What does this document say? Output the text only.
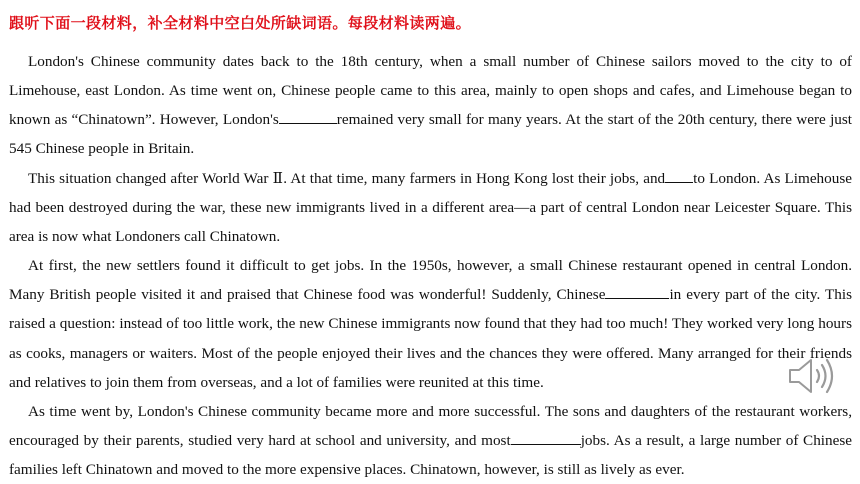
跟听下面一段材料，补全材料中空白处所缺词语。每段材料读两遍。

London's Chinese community dates back to the 18th century, when a small number of Chinese sailors moved to the city to of Limehouse, east London. As time went on, Chinese people came to this area, mainly to open shops and cafes, and Limehouse began to known as “Chinatown”. However, London's	remained very small for many years. At the start of the 20th century, there were just 545 Chinese people in Britain.

This situation changed after World War Ⅱ. At that time, many farmers in Hong Kong lost their jobs, and to London. As Limehouse had been destroyed during the war, these new immigrants lived in a different area—a part of central London near Leicester Square. This area is now what Londoners call Chinatown.

At first, the new settlers found it difficult to get jobs. In the 1950s, however, a small Chinese restaurant opened in central London. Many British people visited it and praised that Chinese food was wonderful! Suddenly, Chinese	in every part of the city. This raised a question: instead of too little work, the new Chinese immigrants now found that they had too much! They worked very long hours as cooks, managers or waiters. Most of the people enjoyed their lives and the chances they were offered. Many arranged for their friends and relatives to join them from overseas, and a lot of families were reunited at this time.

As time went by, London's Chinese community became more and more successful. The sons and daughters of the restaurant workers, encouraged by their parents, studied very hard at school and university, and most	jobs. As a result, a large number of Chinese families left Chinatown and moved to the more expensive places. Chinatown, however, is still as lively as ever.
